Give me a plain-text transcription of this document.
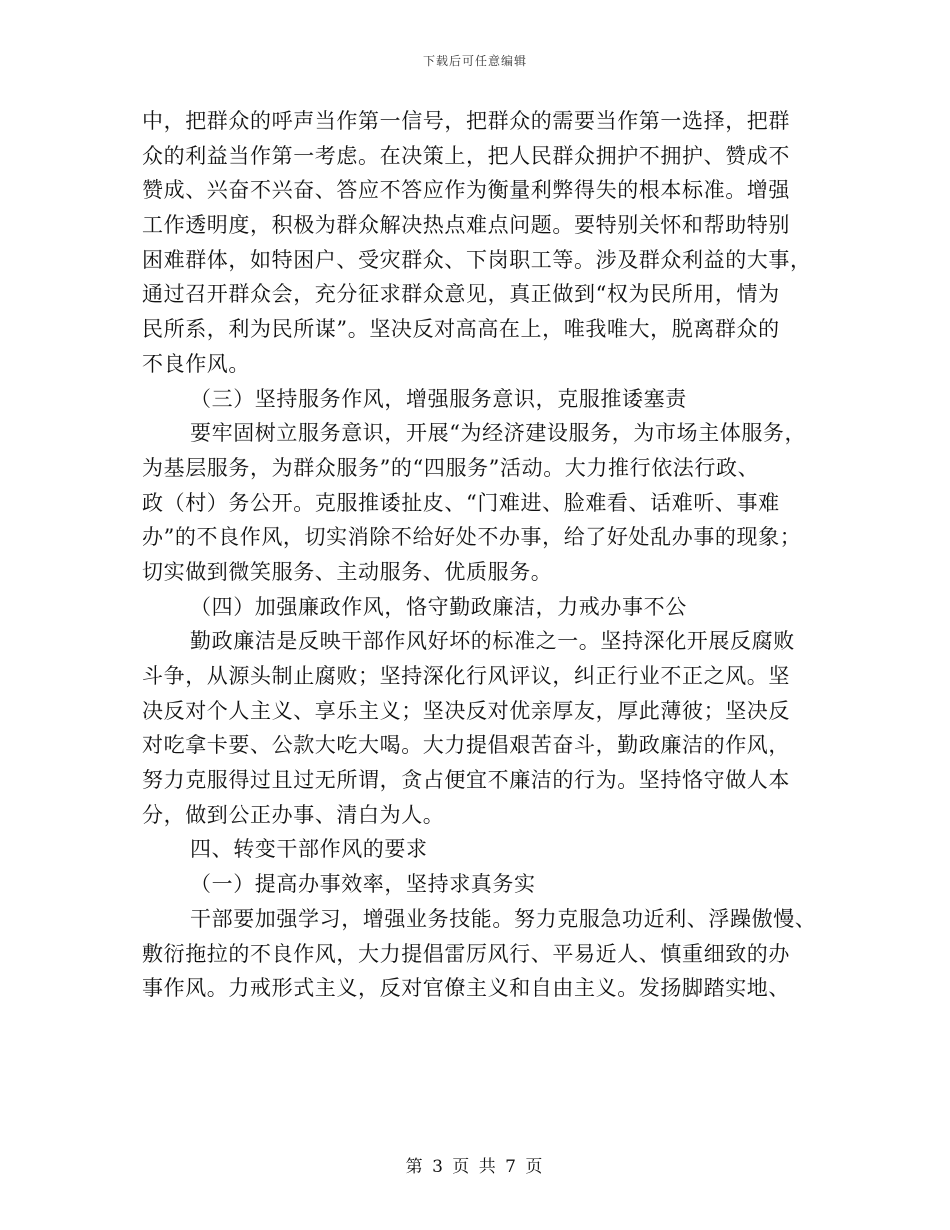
下载后可任意编辑
中，把群众的呼声当作第一信号，把群众的需要当作第一选择，把群
众的利益当作第一考虑。在决策上，把人民群众拥护不拥护、赞成不
赞成、兴奋不兴奋、答应不答应作为衡量利弊得失的根本标准。增强
工作透明度，积极为群众解决热点难点问题。要特别关怀和帮助特别
困难群体，如特困户、受灾群众、下岗职工等。涉及群众利益的大事，
通过召开群众会，充分征求群众意见，真正做到“权为民所用，情为
民所系，利为民所谋”。坚决反对高高在上，唯我唯大，脱离群众的
不良作风。
（三）坚持服务作风，增强服务意识，克服推诿塞责
要牢固树立服务意识，开展“为经济建设服务，为市场主体服务，
为基层服务，为群众服务”的“四服务”活动。大力推行依法行政、
政（村）务公开。克服推诿扯皮、“门难进、脸难看、话难听、事难
办”的不良作风，切实消除不给好处不办事，给了好处乱办事的现象；
切实做到微笑服务、主动服务、优质服务。
（四）加强廉政作风，恪守勤政廉洁，力戒办事不公
勤政廉洁是反映干部作风好坏的标准之一。坚持深化开展反腐败
斗争，从源头制止腐败；坚持深化行风评议，纠正行业不正之风。坚
决反对个人主义、享乐主义；坚决反对优亲厚友，厚此薄彼；坚决反
对吃拿卡要、公款大吃大喝。大力提倡艰苦奋斗，勤政廉洁的作风，
努力克服得过且过无所谓，贪占便宜不廉洁的行为。坚持恪守做人本
分，做到公正办事、清白为人。
四、转变干部作风的要求
（一）提高办事效率，坚持求真务实
干部要加强学习，增强业务技能。努力克服急功近利、浮躁傲慢、
敷衍拖拉的不良作风，大力提倡雷厉风行、平易近人、慎重细致的办
事作风。力戒形式主义，反对官僚主义和自由主义。发扬脚踏实地、
第 3 页 共 7 页
